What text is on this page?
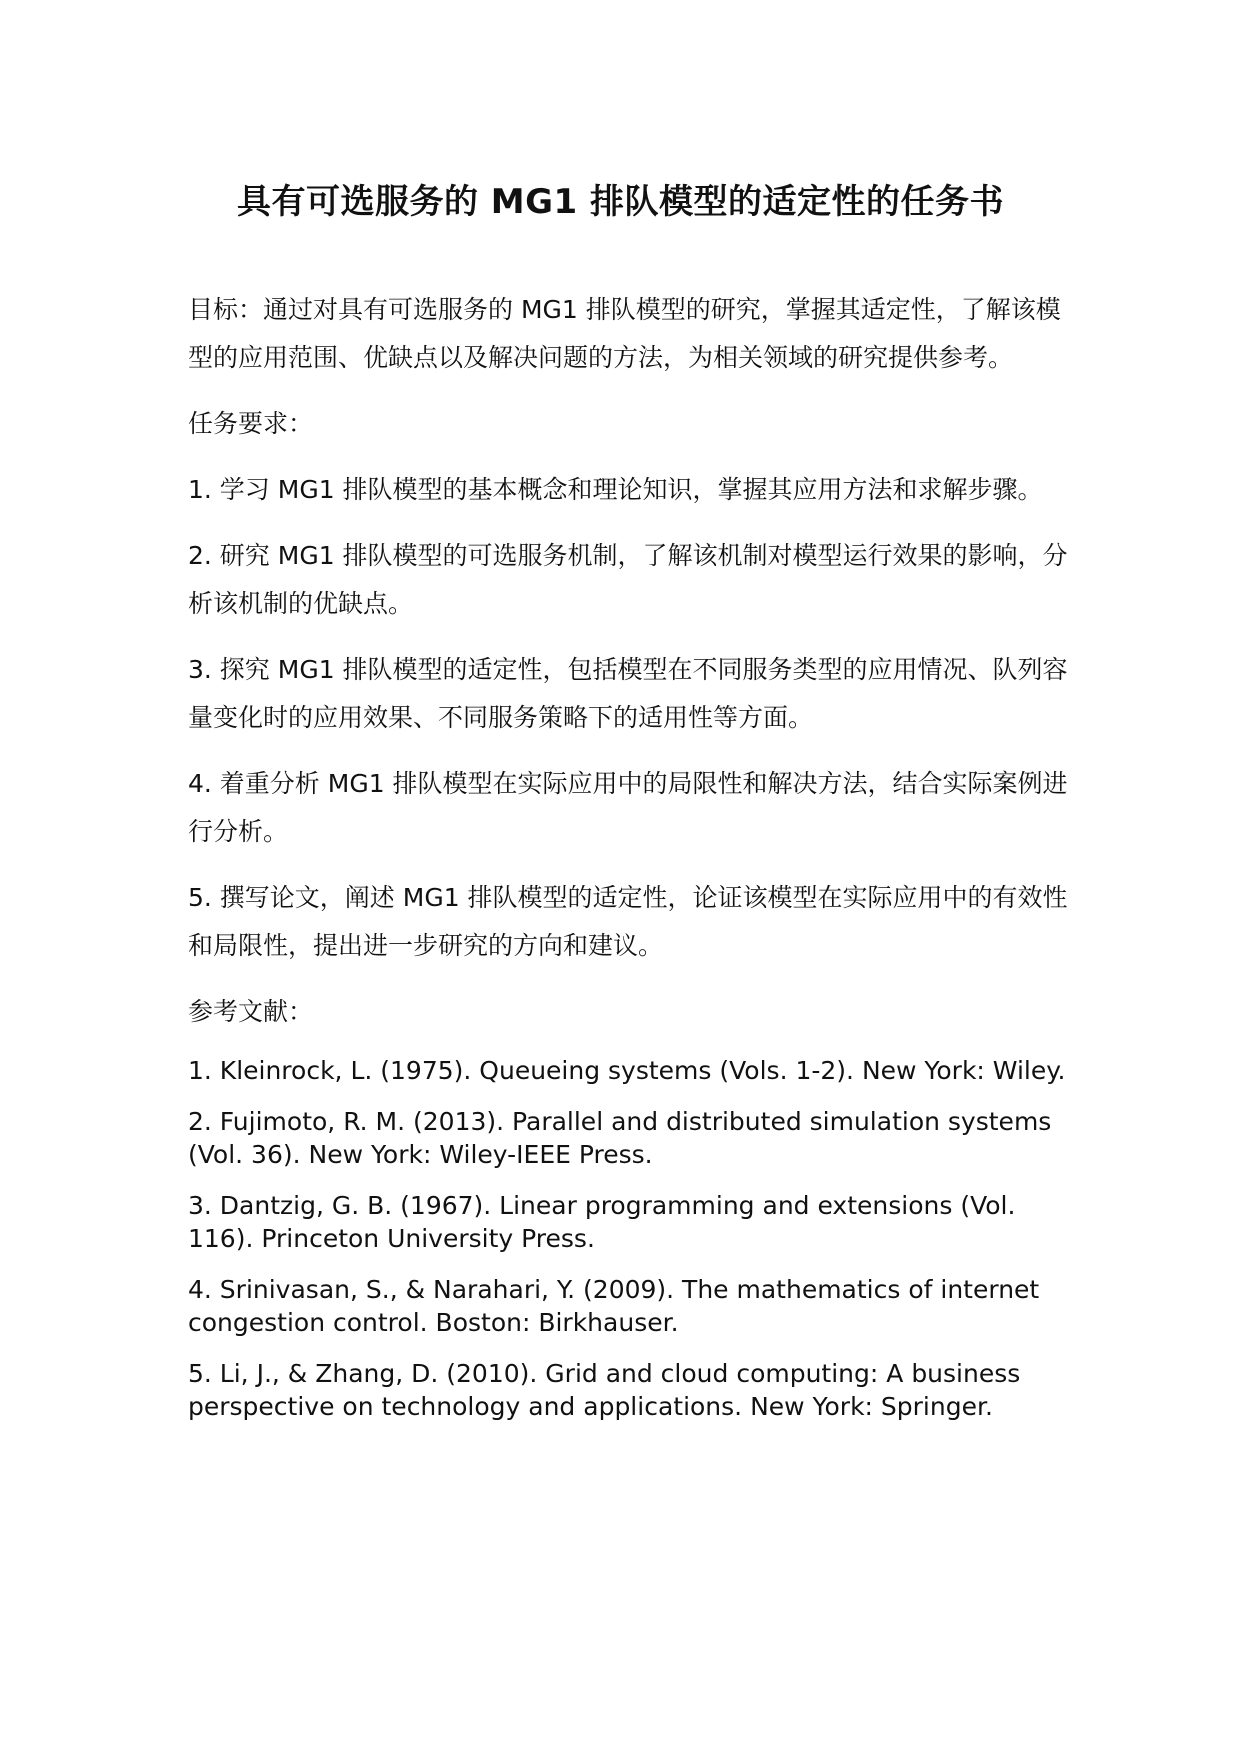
具有可选服务的 MG1 排队模型的适定性的任务书

目标：通过对具有可选服务的 MG1 排队模型的研究，掌握其适定性，了解该模型的应用范围、优缺点以及解决问题的方法，为相关领域的研究提供参考。

任务要求：

1. 学习 MG1 排队模型的基本概念和理论知识，掌握其应用方法和求解步骤。

2. 研究 MG1 排队模型的可选服务机制，了解该机制对模型运行效果的影响，分析该机制的优缺点。

3. 探究 MG1 排队模型的适定性，包括模型在不同服务类型的应用情况、队列容量变化时的应用效果、不同服务策略下的适用性等方面。

4. 着重分析 MG1 排队模型在实际应用中的局限性和解决方法，结合实际案例进行分析。

5. 撰写论文，阐述 MG1 排队模型的适定性，论证该模型在实际应用中的有效性和局限性，提出进一步研究的方向和建议。

参考文献：

1. Kleinrock, L. (1975). Queueing systems (Vols. 1-2). New York: Wiley.

2. Fujimoto, R. M. (2013). Parallel and distributed simulation systems (Vol. 36). New York: Wiley-IEEE Press.

3. Dantzig, G. B. (1967). Linear programming and extensions (Vol. 116). Princeton University Press.

4. Srinivasan, S., & Narahari, Y. (2009). The mathematics of internet congestion control. Boston: Birkhauser.

5. Li, J., & Zhang, D. (2010). Grid and cloud computing: A business perspective on technology and applications. New York: Springer.
